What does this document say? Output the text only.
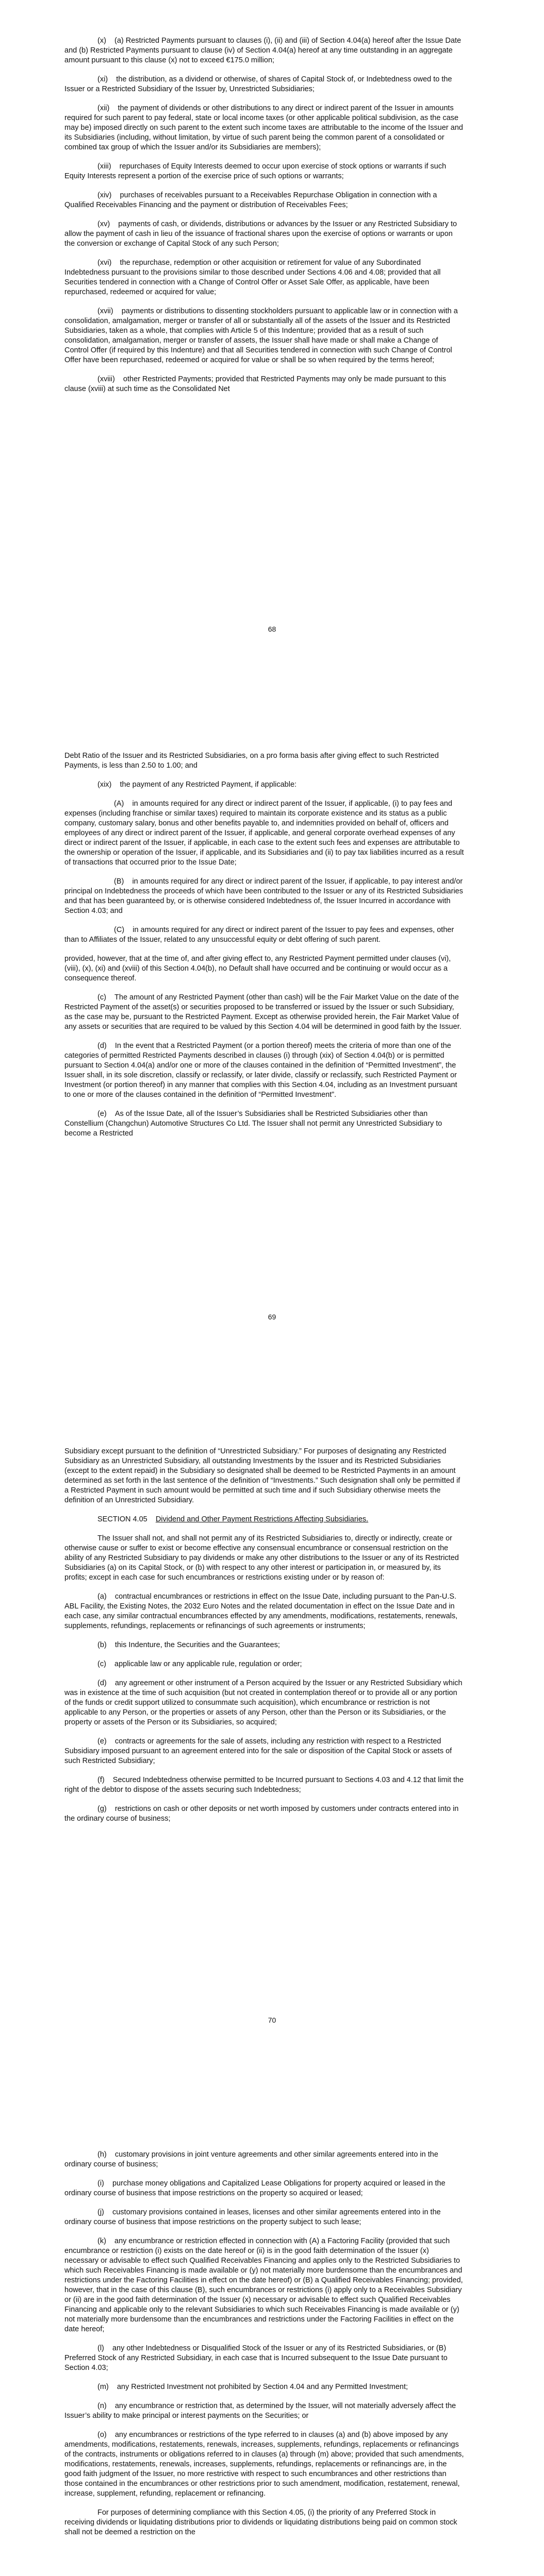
(x)    (a) Restricted Payments pursuant to clauses (i), (ii) and (iii) of Section 4.04(a) hereof after the Issue Date and (b) Restricted Payments pursuant to clause (iv) of Section 4.04(a) hereof at any time outstanding in an aggregate amount pursuant to this clause (x) not to exceed €175.0 million;

(xi)    the distribution, as a dividend or otherwise, of shares of Capital Stock of, or Indebtedness owed to the Issuer or a Restricted Subsidiary of the Issuer by, Unrestricted Subsidiaries;

(xii)    the payment of dividends or other distributions to any direct or indirect parent of the Issuer in amounts required for such parent to pay federal, state or local income taxes (or other applicable political subdivision, as the case may be) imposed directly on such parent to the extent such income taxes are attributable to the income of the Issuer and its Subsidiaries (including, without limitation, by virtue of such parent being the common parent of a consolidated or combined tax group of which the Issuer and/or its Subsidiaries are members);

(xiii)    repurchases of Equity Interests deemed to occur upon exercise of stock options or warrants if such Equity Interests represent a portion of the exercise price of such options or warrants;

(xiv)    purchases of receivables pursuant to a Receivables Repurchase Obligation in connection with a Qualified Receivables Financing and the payment or distribution of Receivables Fees;

(xv)    payments of cash, or dividends, distributions or advances by the Issuer or any Restricted Subsidiary to allow the payment of cash in lieu of the issuance of fractional shares upon the exercise of options or warrants or upon the conversion or exchange of Capital Stock of any such Person;

(xvi)    the repurchase, redemption or other acquisition or retirement for value of any Subordinated Indebtedness pursuant to the provisions similar to those described under Sections 4.06 and 4.08; provided that all Securities tendered in connection with a Change of Control Offer or Asset Sale Offer, as applicable, have been repurchased, redeemed or acquired for value;

(xvii)    payments or distributions to dissenting stockholders pursuant to applicable law or in connection with a consolidation, amalgamation, merger or transfer of all or substantially all of the assets of the Issuer and its Restricted Subsidiaries, taken as a whole, that complies with Article 5 of this Indenture; provided that as a result of such consolidation, amalgamation, merger or transfer of assets, the Issuer shall have made or shall make a Change of Control Offer (if required by this Indenture) and that all Securities tendered in connection with such Change of Control Offer have been repurchased, redeemed or acquired for value or shall be so when required by the terms hereof;

(xviii)    other Restricted Payments; provided that Restricted Payments may only be made pursuant to this clause (xviii) at such time as the Consolidated Net

68

Debt Ratio of the Issuer and its Restricted Subsidiaries, on a pro forma basis after giving effect to such Restricted Payments, is less than 2.50 to 1.00; and

(xix)    the payment of any Restricted Payment, if applicable:

(A)    in amounts required for any direct or indirect parent of the Issuer, if applicable, (i) to pay fees and expenses (including franchise or similar taxes) required to maintain its corporate existence and its status as a public company, customary salary, bonus and other benefits payable to, and indemnities provided on behalf of, officers and employees of any direct or indirect parent of the Issuer, if applicable, and general corporate overhead expenses of any direct or indirect parent of the Issuer, if applicable, in each case to the extent such fees and expenses are attributable to the ownership or operation of the Issuer, if applicable, and its Subsidiaries and (ii) to pay tax liabilities incurred as a result of transactions that occurred prior to the Issue Date;

(B)    in amounts required for any direct or indirect parent of the Issuer, if applicable, to pay interest and/or principal on Indebtedness the proceeds of which have been contributed to the Issuer or any of its Restricted Subsidiaries and that has been guaranteed by, or is otherwise considered Indebtedness of, the Issuer Incurred in accordance with Section 4.03; and

(C)    in amounts required for any direct or indirect parent of the Issuer to pay fees and expenses, other than to Affiliates of the Issuer, related to any unsuccessful equity or debt offering of such parent.

provided, however, that at the time of, and after giving effect to, any Restricted Payment permitted under clauses (vi), (viii), (x), (xi) and (xviii) of this Section 4.04(b), no Default shall have occurred and be continuing or would occur as a consequence thereof.

(c)    The amount of any Restricted Payment (other than cash) will be the Fair Market Value on the date of the Restricted Payment of the asset(s) or securities proposed to be transferred or issued by the Issuer or such Subsidiary, as the case may be, pursuant to the Restricted Payment. Except as otherwise provided herein, the Fair Market Value of any assets or securities that are required to be valued by this Section 4.04 will be determined in good faith by the Issuer.

(d)    In the event that a Restricted Payment (or a portion thereof) meets the criteria of more than one of the categories of permitted Restricted Payments described in clauses (i) through (xix) of Section 4.04(b) or is permitted pursuant to Section 4.04(a) and/or one or more of the clauses contained in the definition of “Permitted Investment”, the Issuer shall, in its sole discretion, classify or reclassify, or later divide, classify or reclassify, such Restricted Payment or Investment (or portion thereof) in any manner that complies with this Section 4.04, including as an Investment pursuant to one or more of the clauses contained in the definition of “Permitted Investment”.

(e)    As of the Issue Date, all of the Issuer’s Subsidiaries shall be Restricted Subsidiaries other than Constellium (Changchun) Automotive Structures Co Ltd. The Issuer shall not permit any Unrestricted Subsidiary to become a Restricted

69

Subsidiary except pursuant to the definition of “Unrestricted Subsidiary.” For purposes of designating any Restricted Subsidiary as an Unrestricted Subsidiary, all outstanding Investments by the Issuer and its Restricted Subsidiaries (except to the extent repaid) in the Subsidiary so designated shall be deemed to be Restricted Payments in an amount determined as set forth in the last sentence of the definition of “Investments.” Such designation shall only be permitted if a Restricted Payment in such amount would be permitted at such time and if such Subsidiary otherwise meets the definition of an Unrestricted Subsidiary.

SECTION 4.05 Dividend and Other Payment Restrictions Affecting Subsidiaries.

The Issuer shall not, and shall not permit any of its Restricted Subsidiaries to, directly or indirectly, create or otherwise cause or suffer to exist or become effective any consensual encumbrance or consensual restriction on the ability of any Restricted Subsidiary to pay dividends or make any other distributions to the Issuer or any of its Restricted Subsidiaries (a) on its Capital Stock, or (b) with respect to any other interest or participation in, or measured by, its profits; except in each case for such encumbrances or restrictions existing under or by reason of:

(a)    contractual encumbrances or restrictions in effect on the Issue Date, including pursuant to the Pan-U.S. ABL Facility, the Existing Notes, the 2032 Euro Notes and the related documentation in effect on the Issue Date and in each case, any similar contractual encumbrances effected by any amendments, modifications, restatements, renewals, supplements, refundings, replacements or refinancings of such agreements or instruments;

(b)    this Indenture, the Securities and the Guarantees;

(c)    applicable law or any applicable rule, regulation or order;

(d)    any agreement or other instrument of a Person acquired by the Issuer or any Restricted Subsidiary which was in existence at the time of such acquisition (but not created in contemplation thereof or to provide all or any portion of the funds or credit support utilized to consummate such acquisition), which encumbrance or restriction is not applicable to any Person, or the properties or assets of any Person, other than the Person or its Subsidiaries, or the property or assets of the Person or its Subsidiaries, so acquired;

(e)    contracts or agreements for the sale of assets, including any restriction with respect to a Restricted Subsidiary imposed pursuant to an agreement entered into for the sale or disposition of the Capital Stock or assets of such Restricted Subsidiary;

(f)    Secured Indebtedness otherwise permitted to be Incurred pursuant to Sections 4.03 and 4.12 that limit the right of the debtor to dispose of the assets securing such Indebtedness;

(g)    restrictions on cash or other deposits or net worth imposed by customers under contracts entered into in the ordinary course of business;

70

(h)    customary provisions in joint venture agreements and other similar agreements entered into in the ordinary course of business;

(i)    purchase money obligations and Capitalized Lease Obligations for property acquired or leased in the ordinary course of business that impose restrictions on the property so acquired or leased;

(j)    customary provisions contained in leases, licenses and other similar agreements entered into in the ordinary course of business that impose restrictions on the property subject to such lease;

(k)    any encumbrance or restriction effected in connection with (A) a Factoring Facility (provided that such encumbrance or restriction (i) exists on the date hereof or (ii) is in the good faith determination of the Issuer (x) necessary or advisable to effect such Qualified Receivables Financing and applies only to the Restricted Subsidiaries to which such Receivables Financing is made available or (y) not materially more burdensome than the encumbrances and restrictions under the Factoring Facilities in effect on the date hereof) or (B) a Qualified Receivables Financing; provided, however, that in the case of this clause (B), such encumbrances or restrictions (i) apply only to a Receivables Subsidiary or (ii) are in the good faith determination of the Issuer (x) necessary or advisable to effect such Qualified Receivables Financing and applicable only to the relevant Subsidiaries to which such Receivables Financing is made available or (y) not materially more burdensome than the encumbrances and restrictions under the Factoring Facilities in effect on the date hereof;

(l)    any other Indebtedness or Disqualified Stock of the Issuer or any of its Restricted Subsidiaries, or (B) Preferred Stock of any Restricted Subsidiary, in each case that is Incurred subsequent to the Issue Date pursuant to Section 4.03;

(m)    any Restricted Investment not prohibited by Section 4.04 and any Permitted Investment;

(n)    any encumbrance or restriction that, as determined by the Issuer, will not materially adversely affect the Issuer’s ability to make principal or interest payments on the Securities; or

(o)    any encumbrances or restrictions of the type referred to in clauses (a) and (b) above imposed by any amendments, modifications, restatements, renewals, increases, supplements, refundings, replacements or refinancings of the contracts, instruments or obligations referred to in clauses (a) through (m) above; provided that such amendments, modifications, restatements, renewals, increases, supplements, refundings, replacements or refinancings are, in the good faith judgment of the Issuer, no more restrictive with respect to such encumbrances and other restrictions than those contained in the encumbrances or other restrictions prior to such amendment, modification, restatement, renewal, increase, supplement, refunding, replacement or refinancing.

For purposes of determining compliance with this Section 4.05, (i) the priority of any Preferred Stock in receiving dividends or liquidating distributions prior to dividends or liquidating distributions being paid on common stock shall not be deemed a restriction on the
